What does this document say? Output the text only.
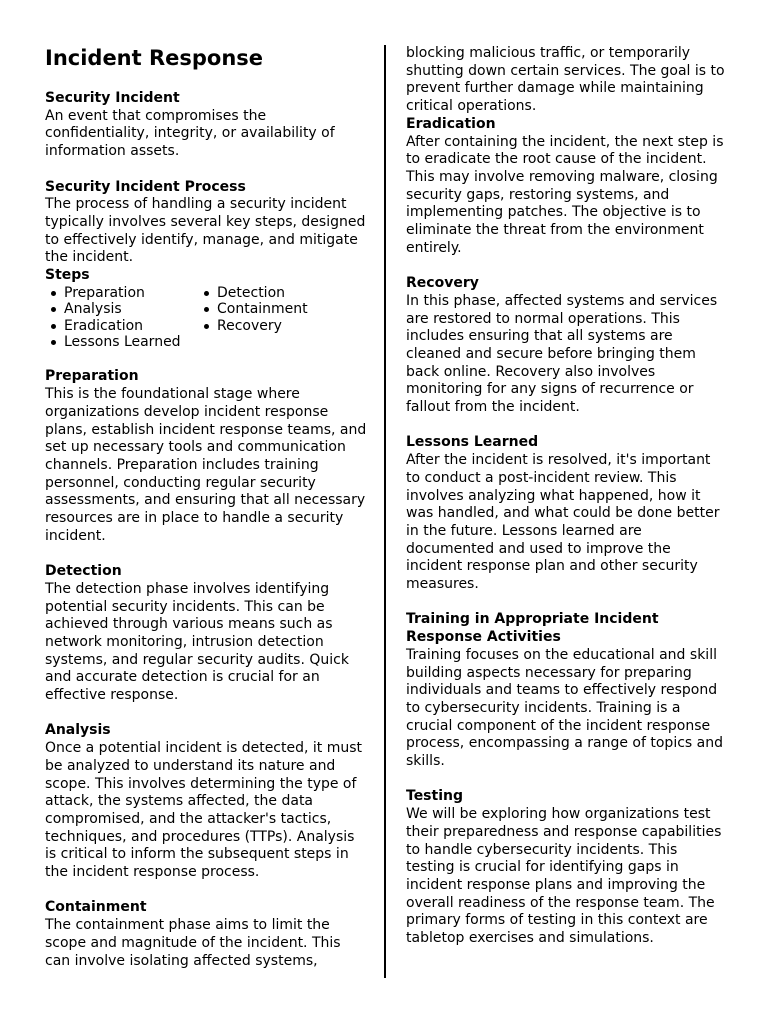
Incident Response
Security Incident

An event that compromises the confidentiality, integrity, or availability of information assets.

Security Incident Process

The process of handling a security incident typically involves several key steps, designed to effectively identify, manage, and mitigate the incident.

Steps
Preparation	Detection
Analysis	Containment
Eradication	Recovery
Lessons Learned
Preparation

This is the foundational stage where organizations develop incident response plans, establish incident response teams, and set up necessary tools and communication channels. Preparation includes training personnel, conducting regular security assessments, and ensuring that all necessary resources are in place to handle a security incident.

Detection

The detection phase involves identifying potential security incidents. This can be achieved through various means such as network monitoring, intrusion detection systems, and regular security audits. Quick and accurate detection is crucial for an effective response.

Analysis

Once a potential incident is detected, it must be analyzed to understand its nature and scope. This involves determining the type of attack, the systems affected, the data compromised, and the attacker's tactics, techniques, and procedures (TTPs). Analysis is critical to inform the subsequent steps in the incident response process.

Containment

The containment phase aims to limit the scope and magnitude of the incident. This can involve isolating affected systems,

blocking malicious traffic, or temporarily shutting down certain services. The goal is to prevent further damage while maintaining critical operations.

Eradication

After containing the incident, the next step is to eradicate the root cause of the incident. This may involve removing malware, closing security gaps, restoring systems, and implementing patches. The objective is to eliminate the threat from the environment entirely.

Recovery

In this phase, affected systems and services are restored to normal operations. This includes ensuring that all systems are cleaned and secure before bringing them back online. Recovery also involves monitoring for any signs of recurrence or fallout from the incident.

Lessons Learned

After the incident is resolved, it's important to conduct a post-incident review. This involves analyzing what happened, how it was handled, and what could be done better in the future. Lessons learned are documented and used to improve the incident response plan and other security measures.

Training in Appropriate Incident Response Activities

Training focuses on the educational and skill building aspects necessary for preparing individuals and teams to effectively respond to cybersecurity incidents. Training is a crucial component of the incident response process, encompassing a range of topics and skills.

Testing

We will be exploring how organizations test their preparedness and response capabilities to handle cybersecurity incidents. This testing is crucial for identifying gaps in incident response plans and improving the overall readiness of the response team. The primary forms of testing in this context are tabletop exercises and simulations.
